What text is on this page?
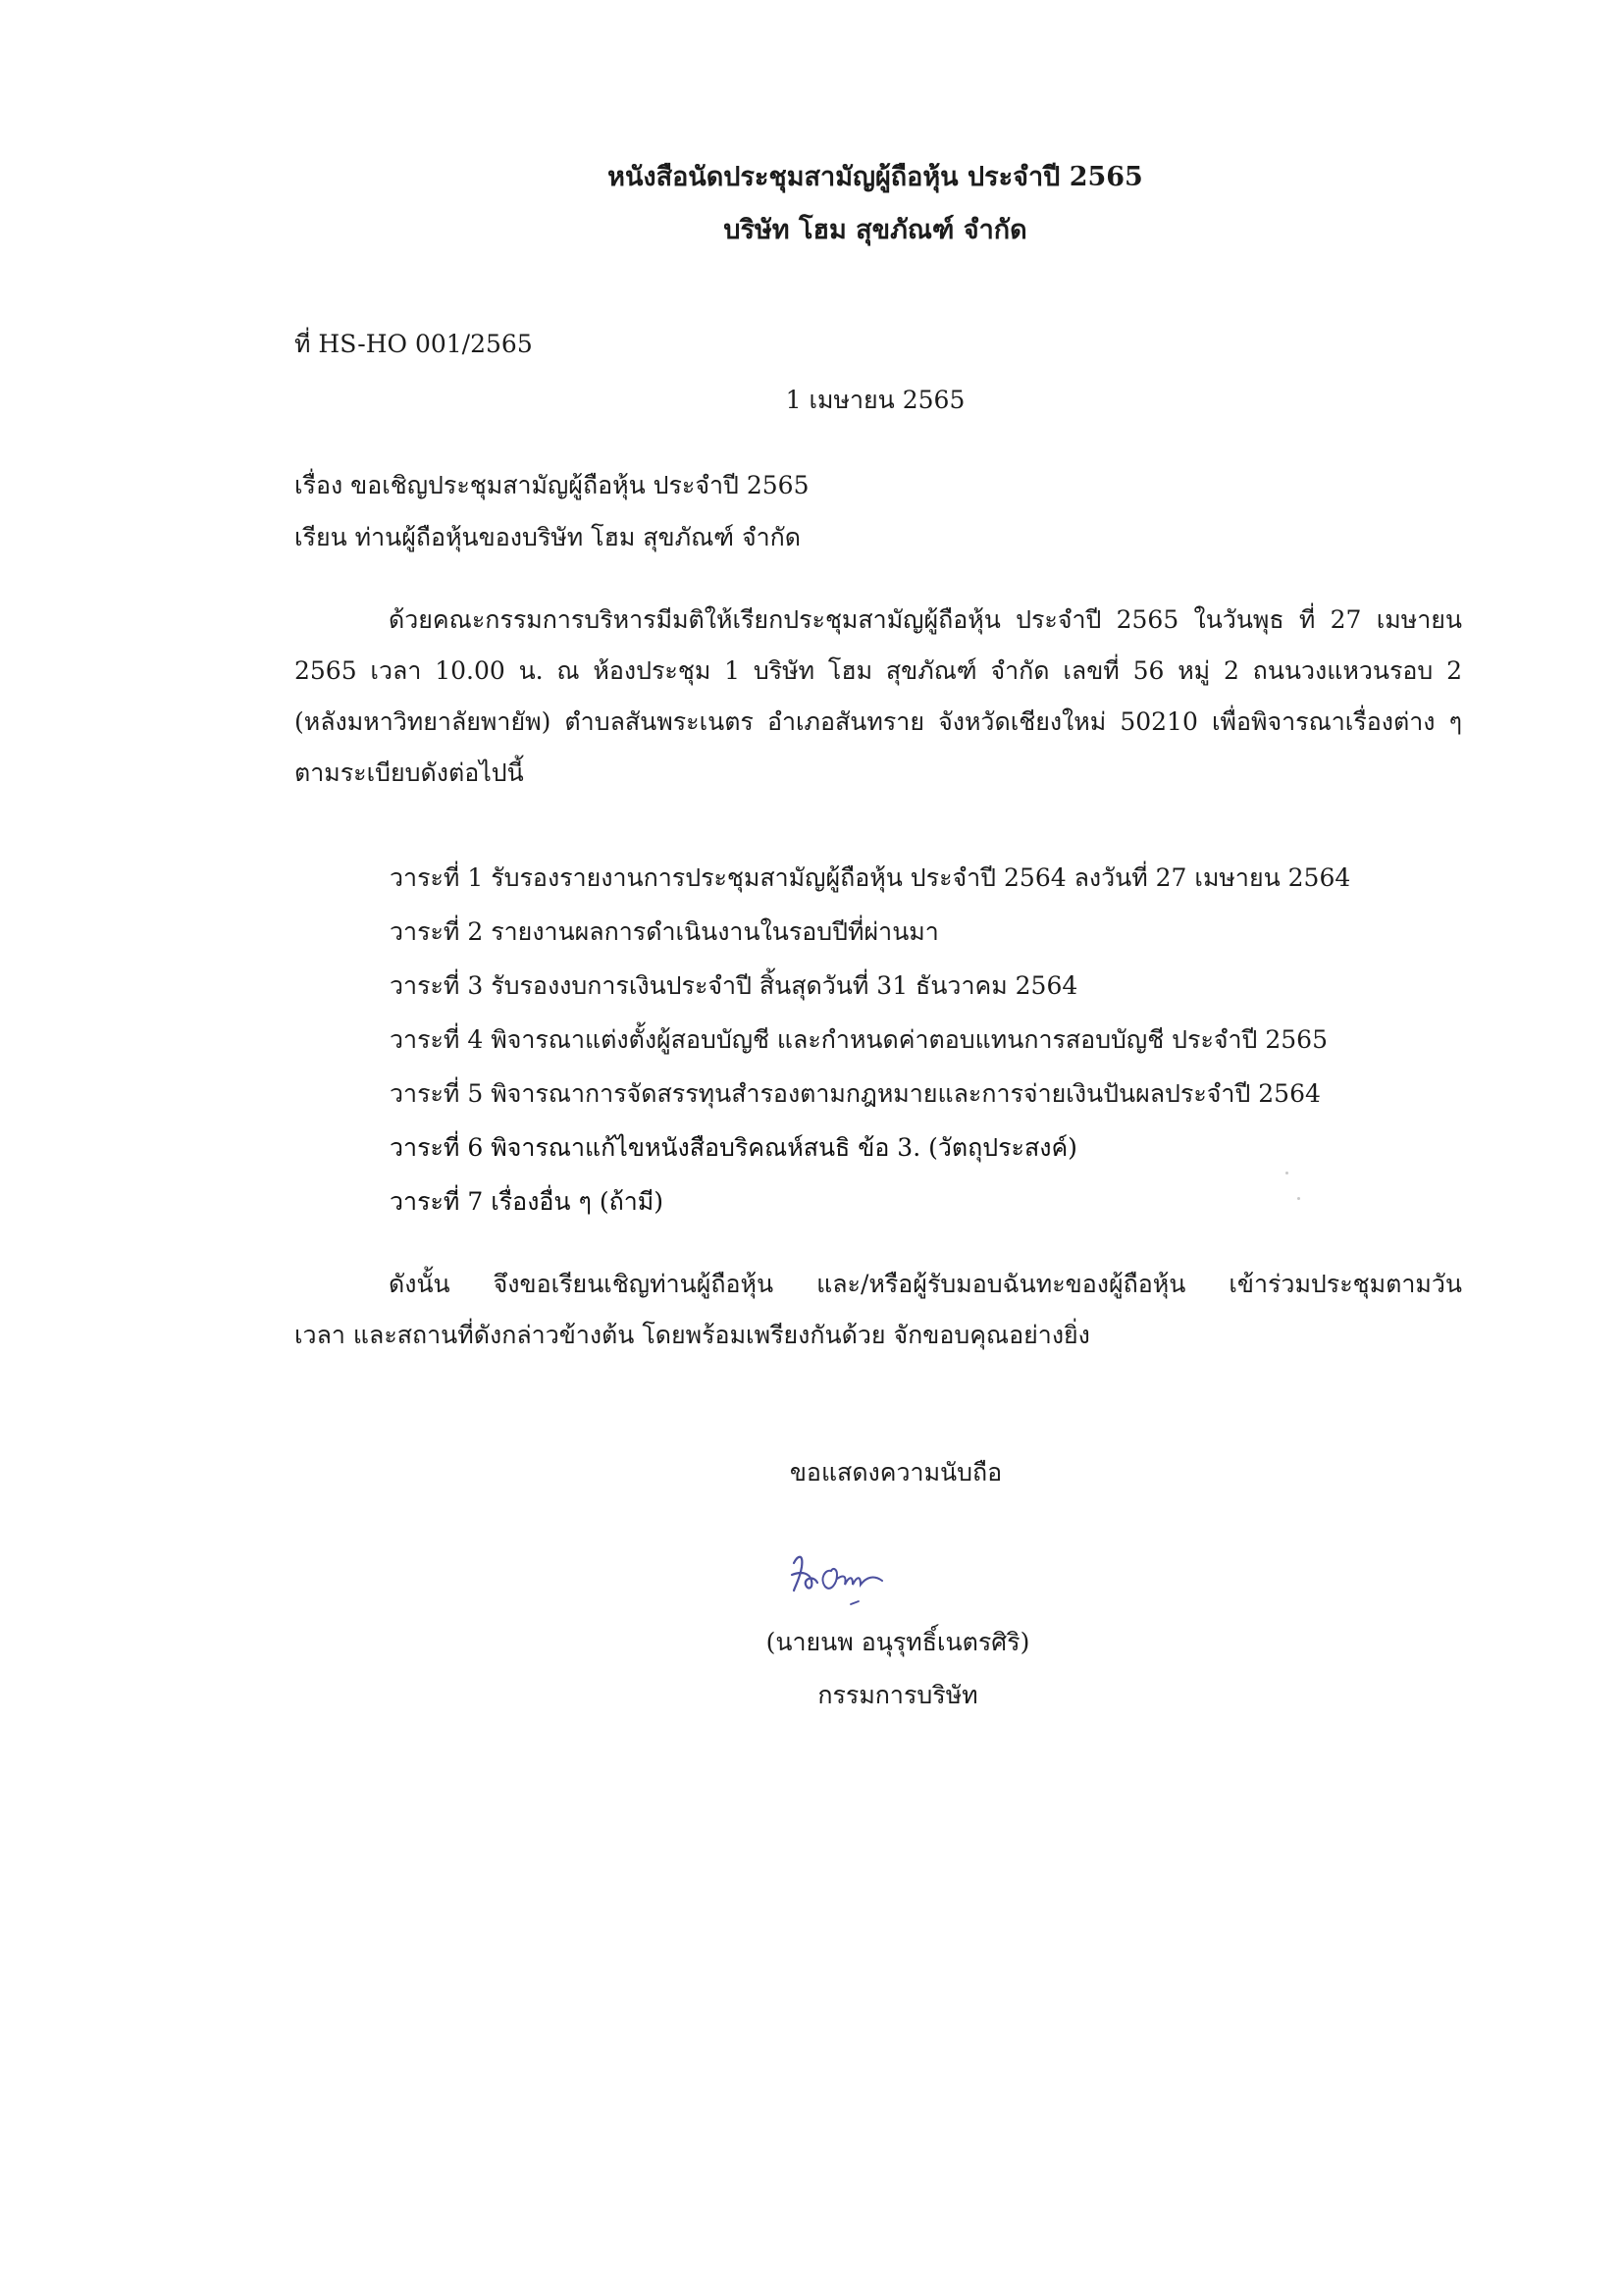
หนังสือนัดประชุมสามัญผู้ถือหุ้น ประจำปี 2565
บริษัท โฮม สุขภัณฑ์ จำกัด
ที่ HS-HO 001/2565
1 เมษายน 2565
เรื่อง ขอเชิญประชุมสามัญผู้ถือหุ้น ประจำปี 2565
เรียน ท่านผู้ถือหุ้นของบริษัท โฮม สุขภัณฑ์ จำกัด
ด้วยคณะกรรมการบริหารมีมติให้เรียกประชุมสามัญผู้ถือหุ้น ประจำปี 2565 ในวันพุธ ที่ 27 เมษายน
2565 เวลา 10.00 น. ณ ห้องประชุม 1 บริษัท โฮม สุขภัณฑ์ จำกัด เลขที่ 56 หมู่ 2 ถนนวงแหวนรอบ 2
(หลังมหาวิทยาลัยพายัพ) ตำบลสันพระเนตร อำเภอสันทราย จังหวัดเชียงใหม่ 50210 เพื่อพิจารณาเรื่องต่าง ๆ
ตามระเบียบดังต่อไปนี้
วาระที่ 1 รับรองรายงานการประชุมสามัญผู้ถือหุ้น ประจำปี 2564 ลงวันที่ 27 เมษายน 2564
วาระที่ 2 รายงานผลการดำเนินงานในรอบปีที่ผ่านมา
วาระที่ 3 รับรองงบการเงินประจำปี สิ้นสุดวันที่ 31 ธันวาคม 2564
วาระที่ 4 พิจารณาแต่งตั้งผู้สอบบัญชี และกำหนดค่าตอบแทนการสอบบัญชี ประจำปี 2565
วาระที่ 5 พิจารณาการจัดสรรทุนสำรองตามกฎหมายและการจ่ายเงินปันผลประจำปี 2564
วาระที่ 6 พิจารณาแก้ไขหนังสือบริคณห์สนธิ ข้อ 3. (วัตถุประสงค์)
วาระที่ 7 เรื่องอื่น ๆ (ถ้ามี)
ดังนั้น จึงขอเรียนเชิญท่านผู้ถือหุ้น และ/หรือผู้รับมอบฉันทะของผู้ถือหุ้น เข้าร่วมประชุมตามวัน
เวลา และสถานที่ดังกล่าวข้างต้น โดยพร้อมเพรียงกันด้วย จักขอบคุณอย่างยิ่ง
ขอแสดงความนับถือ
(นายนพ อนุรุทธิ์เนตรศิริ)
กรรมการบริษัท
